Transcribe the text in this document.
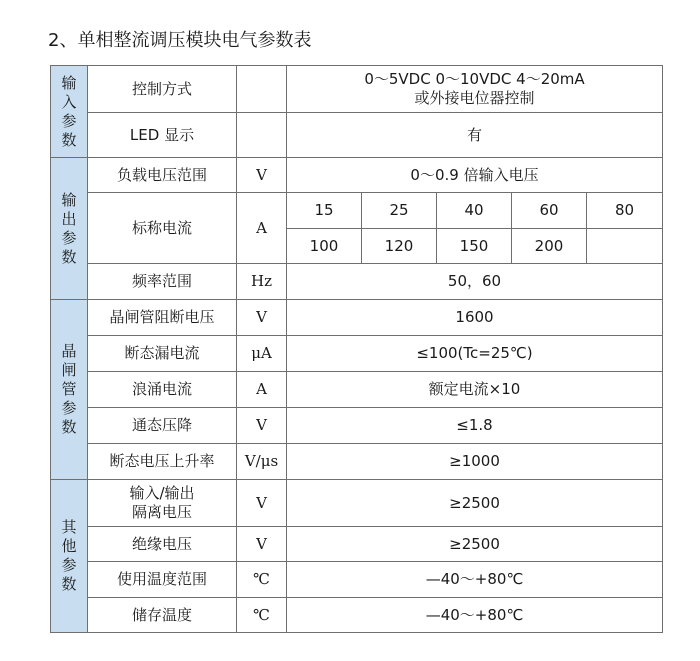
2、单相整流调压模块电气参数表
输
入
参
数	控制方式		0～5VDC 0～10VDC 4～20mA
或外接电位器控制				

	LED 显示		有				

输
出
参
数	负载电压范围	V	0～0.9 倍输入电压				
	标称电流	A	15	25	40	60	80
			100	120	150	200	
	频率范围	Hz	50，60				

晶
闸
管
参
数	晶闸管阻断电压	V	1600				
	断态漏电流	μA	≤100(Tc=25℃)				
	浪涌电流	A	额定电流×10				
	通态压降	V	≤1.8				
	断态电压上升率	V/μs	≥1000				

其
他
参
数	输入/输出
隔离电压	V	≥2500				
	绝缘电压	V	≥2500				
	使用温度范围	℃	—40～+80℃				
	储存温度	℃	—40～+80℃				
